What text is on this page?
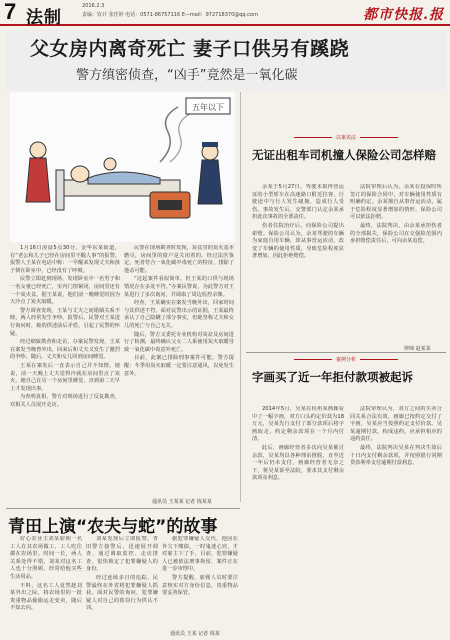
7 法制
2016.2.3
责编：钦计 张佳婷 电话：0571-86757116 E—mail：972718370@qq.com	都市快报.报
父女房内离奇死亡 妻子口供另有蹊跷
警方缜密侦查，“凶手”竟然是一氧化碳
五年以下

1月16日凌晨5点30分，金华东某街道，有“老公和儿子已经在房间里不醒人事”的报警。报警人王某在电话中称：一早醒来发现丈夫和孩子倒在卧室中，已经没有了呼吸。

民警立即赶到现场，发现卧室中一名男子和一名女童已经死亡，室内门窗紧闭，房间里还有一个炭火盆。据王某说，他们前一晚睡觉时因为天冷点了炭火取暖。

警方调查发现，王某与丈夫之间婚姻关系不睦，两人经常发生争吵。报警后，民警对王某进行询问时，她的供述前后矛盾，引起了民警的怀疑。

经过细致勘查和走访，办案民警发现，王某在案发当晚曾外出，回来后和丈夫又发生了激烈的争吵。随后，丈夫和女儿回到房间睡觉。

王某在案发后一直表示自己并不知情。她说，前一天晚上丈夫觉得冷就在房间里点了炭火，她自己在另一个房间里睡觉，直到第二天早上才发现出事。

为查明真相，警方对现场进行了反复勘查，对相关人员展开走访。

民警在现场勘查时发现，炭盆里的炭火基本燃尽，房间里的窗户是关闭着的。经过法医鉴定，死者符合一氧化碳中毒死亡的特征，排除了他杀可能。

“这起案件看似简单，但王某的口供与现场情况存在多处不符。”办案民警说，为此警方对王某进行了多次询问，并调取了周边监控录像。

经查，王某确实在案发当晚外出，回家时间与其供述不符。面对民警出示的证据，王某最终承认了自己隐瞒了部分事实，但她坚称丈夫和女儿的死亡与自己无关。

随后，警方又委托专业机构对炭盆及房间进行了检测，最终确认父女二人系使用炭火取暖导致一氧化碳中毒意外死亡。

目前，此案已排除刑事案件可能。警方提醒：冬季用炭火取暖一定要注意通风，以免发生意外。

通讯员 王某某 记者 钱某某
以案说法
无证出租车司机撞人保险公司怎样赔

余某于5月27日，驾驶未取得营运证的小型轿车在高速路口附近拉客，行驶途中与行人发生碰撞，造成行人受伤。事故发生后，交警部门认定余某承担此次事故的全部责任。

伤者住院治疗后，向保险公司提出索赔。保险公司认为，余某驾驶的车辆为家庭自用车辆，却从事营运活动，改变了车辆的使用性质，导致危险程度显著增加，因此拒绝赔偿。

法院审理后认为，余某在投保时所签订的保险合同中，对车辆使用性质有明确约定。余某擅自从事营运活动，属于危险程度显著增加的情形，保险公司可以依法拒赔。

最终，法院判决，由余某承担伤者的全部损失，保险公司在交强险范围内承担赔偿责任后，可向余某追偿。

律师 赵某某
案例分析
字画买了近一年拒付款项被起诉

2014年5月，吴某在杭州某画廊看中了一幅字画，双方口头约定价款为18万元，吴某先行支付了部分款项后将字画取走，约定剩余款项在一个月内付清。

此后，画廊经营者多次向吴某催讨余款，吴某均以各种理由推脱，直至近一年后仍未支付。画廊经营者无奈之下，将吴某诉至法院，要求其支付剩余款项及利息。

法院审理认为，双方之间的买卖合同关系合法有效，画廊已按约定交付了字画，吴某应当按照约定支付价款。吴某逾期付款，构成违约，应承担相应的违约责任。

最终，法院判决吴某在判决生效后十日内支付剩余款项，并按照银行同期贷款利率支付逾期付款利息。

青田上演“农夫与蛇”的故事

好心农业主刘某雇佣一名工人在其农场做工，工人吃住都在农场里。时间一长，两人关系处得不错，刘某对这名工人也十分照顾，经常给他买些生活用品。

不料，这名工人竟然趁刘某外出之际，将农场里的一批贵重物品偷偷运走变卖，随后不知去向。

刘某发现后立即报警。青田警方接警后，迅速展开调查，通过调取监控、走访排查，很快锁定了犯罪嫌疑人的身份。

经过连续多日的追踪，民警最终在外省将犯罪嫌疑人抓获。面对民警的询问，犯罪嫌疑人对自己的盗窃行为供认不讳。

据犯罪嫌疑人交代，他因在外欠下赌债，一时鬼迷心窍，才对雇主下了手。目前，犯罪嫌疑人已被依法刑事拘留，案件正在进一步审理中。

警方提醒，雇佣人员时要注意核实对方身份信息，贵重物品要妥善保管。

通讯员 王某 记者 钱某
